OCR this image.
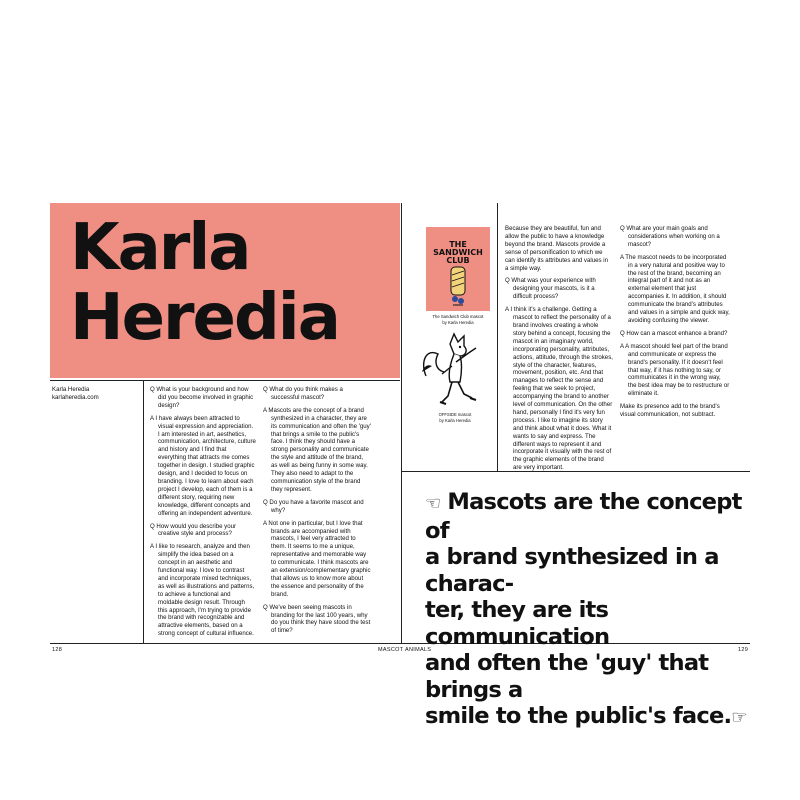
Karla
Heredia
Karla Heredia
karlaheredia.com

Q What is your background and how did you become involved in graphic design?

A I have always been attracted to visual expression and appreciation. I am interested in art, aesthetics, communication, architecture, culture and history and I find that everything that attracts me comes together in design. I studied graphic design, and I decided to focus on branding. I love to learn about each project I develop, each of them is a different story, requiring new knowledge, different concepts and offering an independent adventure.

Q How would you describe your creative style and process?

A I like to research, analyze and then simplify the idea based on a concept in an aesthetic and functional way. I love to contrast and incorporate mixed techniques, as well as illustrations and patterns, to achieve a functional and moldable design result. Through this approach, I'm trying to provide the brand with recognizable and attractive elements, based on a strong concept of cultural influence.

Q What do you think makes a successful mascot?

A Mascots are the concept of a brand synthesized in a character, they are its communication and often the 'guy' that brings a smile to the public's face. I think they should have a strong personality and communicate the style and attitude of the brand, as well as being funny in some way. They also need to adapt to the communication style of the brand they represent.

Q Do you have a favorite mascot and why?

A Not one in particular, but I love that brands are accompanied with mascots, I feel very attracted to them. It seems to me a unique, representative and memorable way to communicate. I think mascots are an extension/complementary graphic that allows us to know more about the essence and personality of the brand.

Q We've been seeing mascots in branding for the last 100 years, why do you think they have stood the test of time?

THE
SANDWICH
CLUB
The Sandwich Club mascot
by Karla Heredia
OFFSIDE mascot
by Karla Heredia

Because they are beautiful, fun and allow the public to have a knowledge beyond the brand. Mascots provide a sense of personification to which we can identify its attributes and values in a simple way.

Q What was your experience with designing your mascots, is it a difficult process?

A I think it's a challenge. Getting a mascot to reflect the personality of a brand involves creating a whole story behind a concept, focusing the mascot in an imaginary world, incorporating personality, attributes, actions, attitude, through the strokes, style of the character, features, movement, position, etc. And that manages to reflect the sense and feeling that we seek to project, accompanying the brand to another level of communication. On the other hand, personally I find it's very fun process. I like to imagine its story and think about what it does. What it wants to say and express. The different ways to represent it and incorporate it visually with the rest of the graphic elements of the brand are very important.

Q What are your main goals and considerations when working on a mascot?

A The mascot needs to be incorporated in a very natural and positive way to the rest of the brand, becoming an integral part of it and not as an external element that just accompanies it. In addition, it should communicate the brand's attributes and values in a simple and quick way, avoiding confusing the viewer.

Q How can a mascot enhance a brand?

A A mascot should feel part of the brand and communicate or express the brand's personality. If it doesn't feel that way, if it has nothing to say, or communicates it in the wrong way, the best idea may be to restructure or eliminate it.

Make its presence add to the brand's visual communication, not subtract.

☜ Mascots are the concept of
a brand synthesized in a charac-
ter, they are its communication
and often the 'guy' that brings a
smile to the public's face.☞
128	MASCOT ANIMALS	129
